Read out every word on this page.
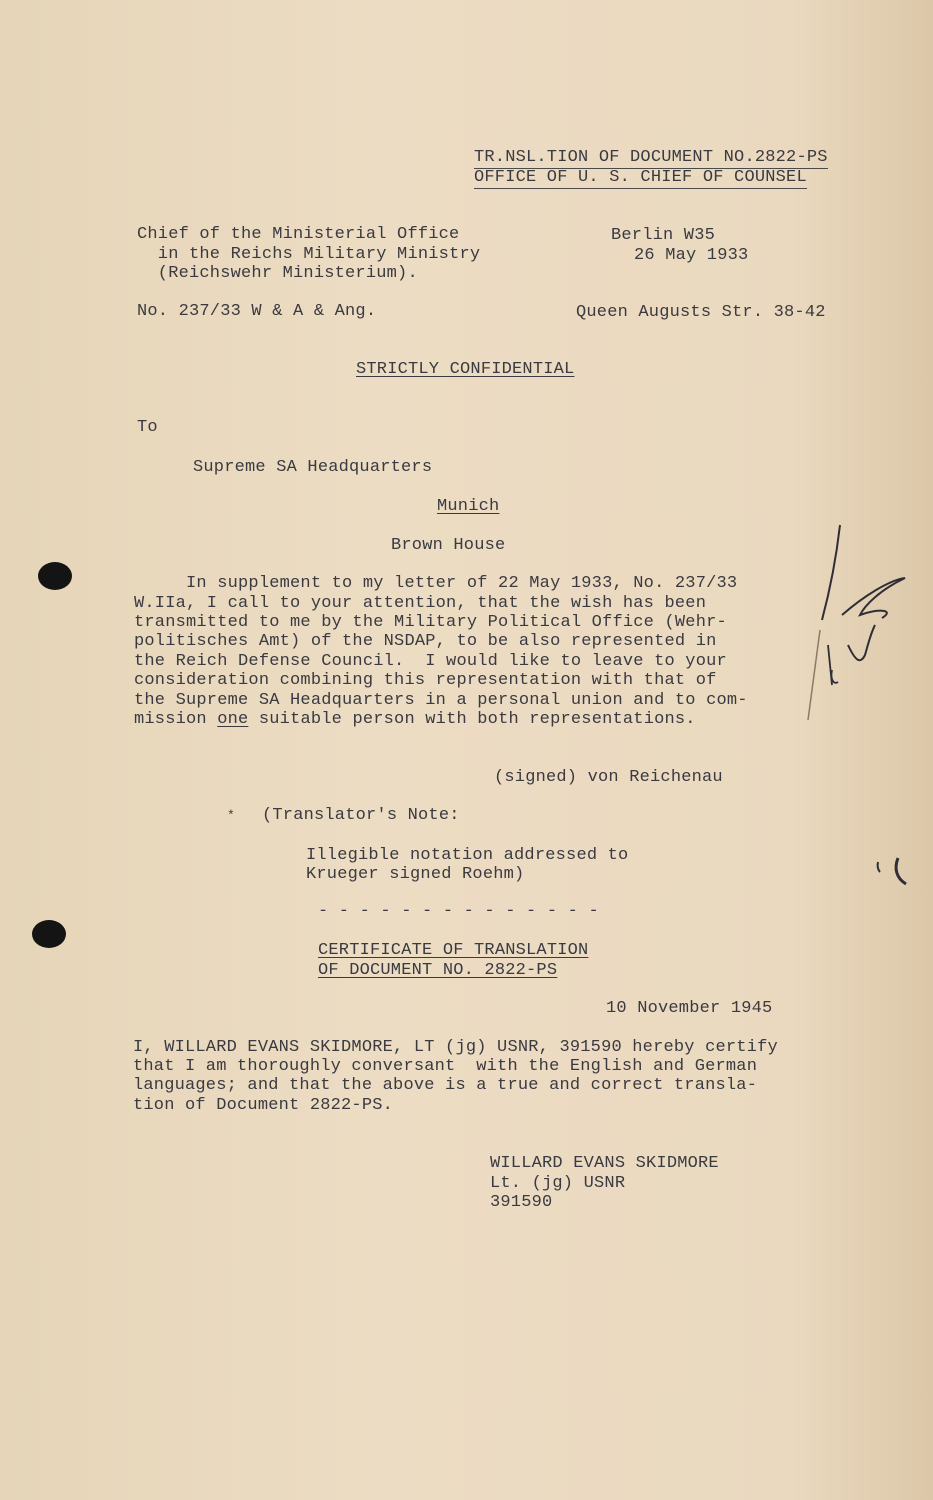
TR.NSL.TION OF DOCUMENT NO.2822-PS
OFFICE OF U. S. CHIEF OF COUNSEL
Chief of the Ministerial Office
in the Reichs Military Ministry
(Reichswehr Ministerium).
Berlin W35
26 May 1933
No. 237/33 W & A & Ang.	Queen Augusts Str. 38-42
STRICTLY CONFIDENTIAL
To
Supreme SA Headquarters
Munich
Brown House
In supplement to my letter of 22 May 1933, No. 237/33
W.IIa, I call to your attention, that the wish has been
transmitted to me by the Military Political Office (Wehr-
politisches Amt) of the NSDAP, to be also represented in
the Reich Defense Council.  I would like to leave to your
consideration combining this representation with that of
the Supreme SA Headquarters in a personal union and to com-
mission one suitable person with both representations.
(signed) von Reichenau
* (Translator's Note:
Illegible notation addressed to
Krueger signed Roehm)
- - - - - - - - - - - - - -
CERTIFICATE OF TRANSLATION
OF DOCUMENT NO. 2822-PS
10 November 1945
I, WILLARD EVANS SKIDMORE, LT (jg) USNR, 391590 hereby certify
that I am thoroughly conversant  with the English and German
languages; and that the above is a true and correct transla-
tion of Document 2822-PS.
WILLARD EVANS SKIDMORE
Lt. (jg) USNR
391590
